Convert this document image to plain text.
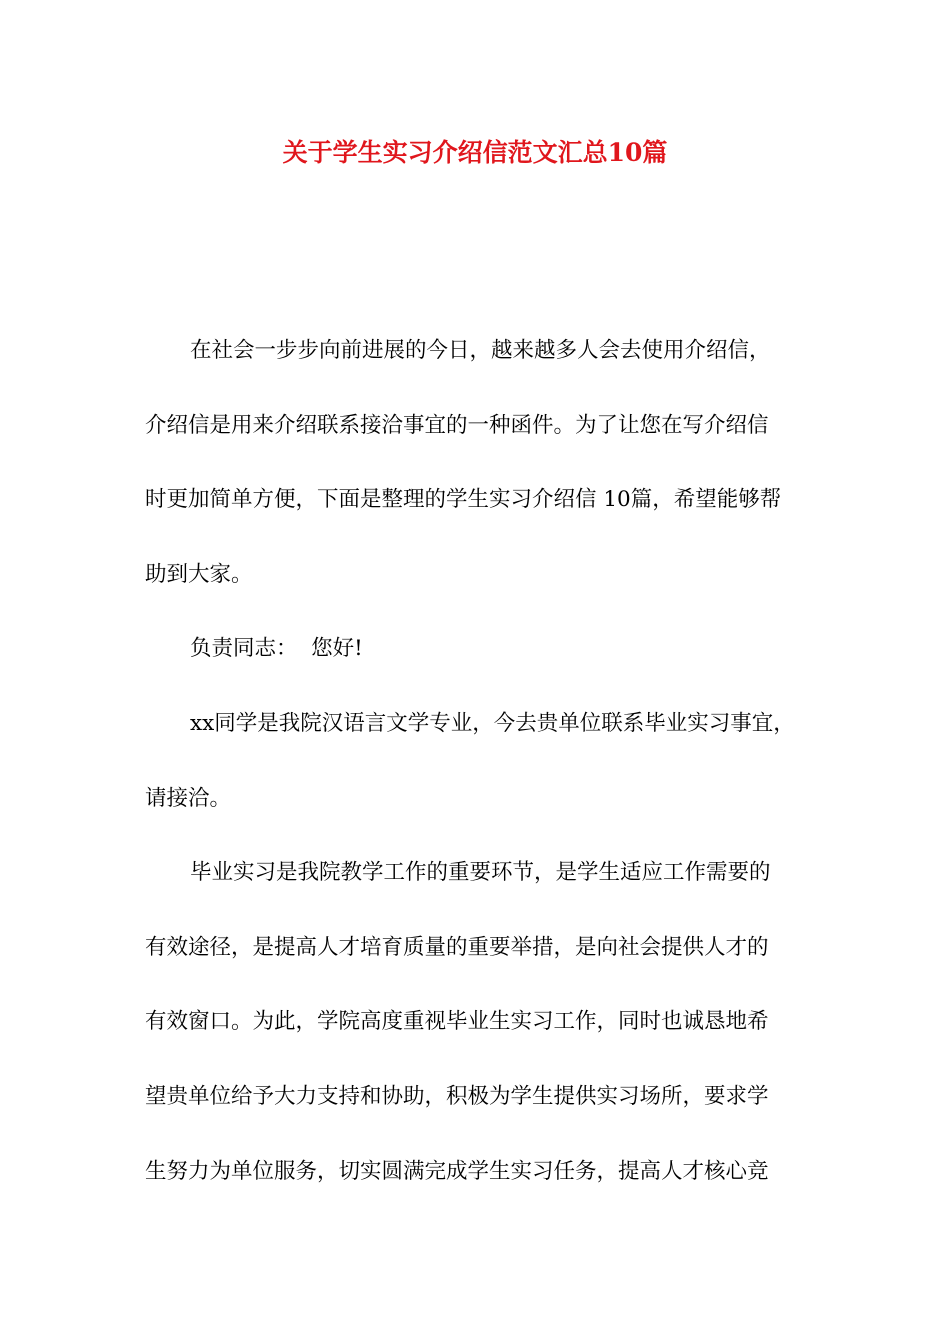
关于学生实习介绍信范文汇总10篇
在社会一步步向前进展的今日，越来越多人会去使用介绍信，
介绍信是用来介绍联系接洽事宜的一种函件。为了让您在写介绍信
时更加简单方便，下面是整理的学生实习介绍信 10篇，希望能够帮
助到大家。
负责同志：  您好!
xx同学是我院汉语言文学专业，今去贵单位联系毕业实习事宜，
请接洽。
毕业实习是我院教学工作的重要环节，是学生适应工作需要的
有效途径，是提高人才培育质量的重要举措，是向社会提供人才的
有效窗口。为此，学院高度重视毕业生实习工作，同时也诚恳地希
望贵单位给予大力支持和协助，积极为学生提供实习场所，要求学
生努力为单位服务，切实圆满完成学生实习任务，提高人才核心竞
